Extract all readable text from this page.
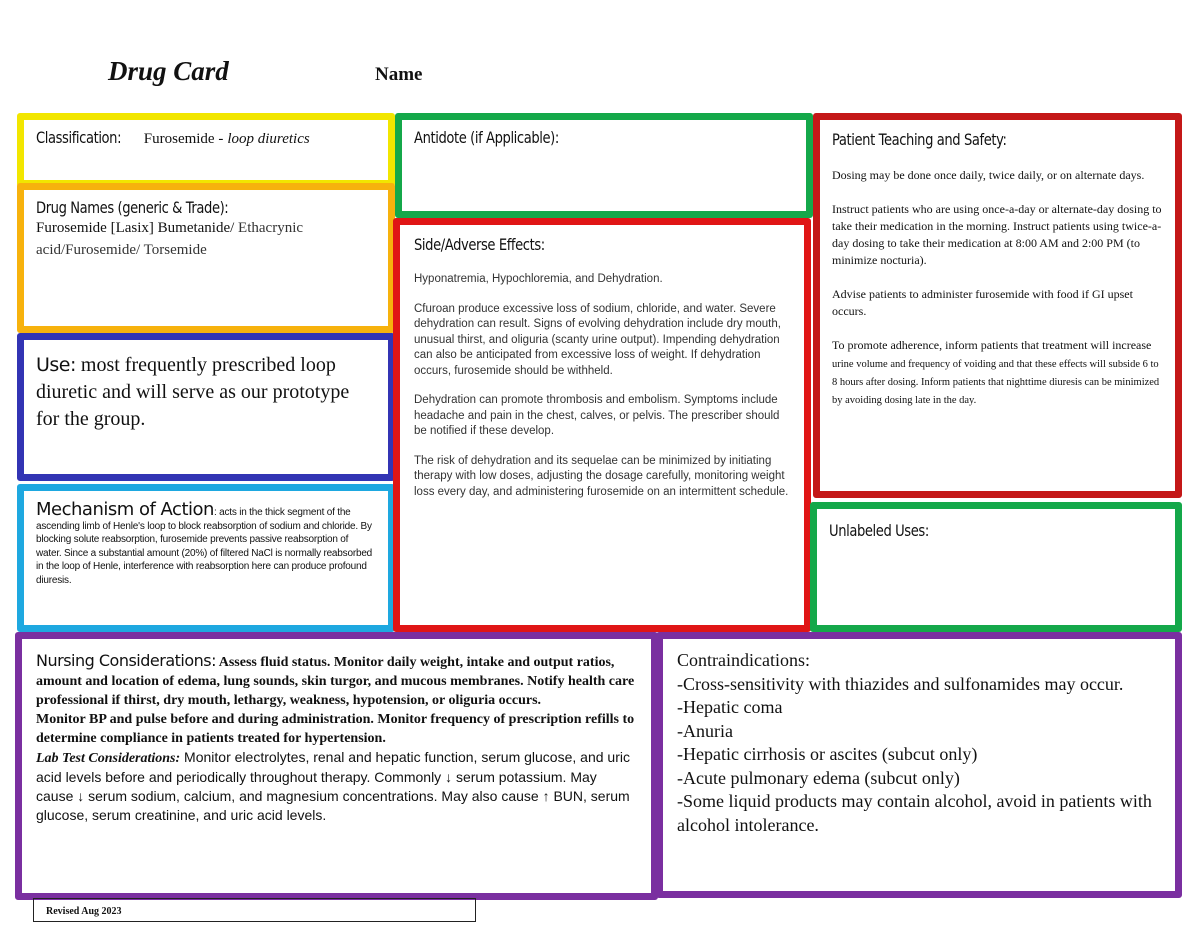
Drug Card	Name
Classification: Furosemide - loop diuretics
Drug Names (generic & Trade):

Furosemide [Lasix] Bumetanide/ Ethacrynic acid/Furosemide/ Torsemide

Use: most frequently prescribed loop diuretic and will serve as our prototype for the group.

Mechanism of Action: acts in the thick segment of the ascending limb of Henle's loop to block reabsorption of sodium and chloride. By blocking solute reabsorption, furosemide prevents passive reabsorption of water. Since a substantial amount (20%) of filtered NaCl is normally reabsorbed in the loop of Henle, interference with reabsorption here can produce profound diuresis.

Antidote (if Applicable):
Side/Adverse Effects:

Hyponatremia, Hypochloremia, and Dehydration.

Cfuroan produce excessive loss of sodium, chloride, and water. Severe dehydration can result. Signs of evolving dehydration include dry mouth, unusual thirst, and oliguria (scanty urine output). Impending dehydration can also be anticipated from excessive loss of weight. If dehydration occurs, furosemide should be withheld.

Dehydration can promote thrombosis and embolism. Symptoms include headache and pain in the chest, calves, or pelvis. The prescriber should be notified if these develop.

The risk of dehydration and its sequelae can be minimized by initiating therapy with low doses, adjusting the dosage carefully, monitoring weight loss every day, and administering furosemide on an intermittent schedule.

Patient Teaching and Safety:

Dosing may be done once daily, twice daily, or on alternate days.

Instruct patients who are using once-a-day or alternate-day dosing to take their medication in the morning. Instruct patients using twice-a-day dosing to take their medication at 8:00 AM and 2:00 PM (to minimize nocturia).

Advise patients to administer furosemide with food if GI upset occurs.

To promote adherence, inform patients that treatment will increase urine volume and frequency of voiding and that these effects will subside 6 to 8 hours after dosing. Inform patients that nighttime diuresis can be minimized by avoiding dosing late in the day.

Unlabeled Uses:

Nursing Considerations: Assess fluid status. Monitor daily weight, intake and output ratios, amount and location of edema, lung sounds, skin turgor, and mucous membranes. Notify health care professional if thirst, dry mouth, lethargy, weakness, hypotension, or oliguria occurs.

Monitor BP and pulse before and during administration. Monitor frequency of prescription refills to determine compliance in patients treated for hypertension.

Lab Test Considerations: Monitor electrolytes, renal and hepatic function, serum glucose, and uric acid levels before and periodically throughout therapy. Commonly ↓ serum potassium. May cause ↓ serum sodium, calcium, and magnesium concentrations. May also cause ↑ BUN, serum glucose, serum creatinine, and uric acid levels.

Contraindications:

-Cross-sensitivity with thiazides and sulfonamides may occur.

-Hepatic coma

-Anuria

-Hepatic cirrhosis or ascites (subcut only)

-Acute pulmonary edema (subcut only)

-Some liquid products may contain alcohol, avoid in patients with alcohol intolerance.

Revised Aug 2023
